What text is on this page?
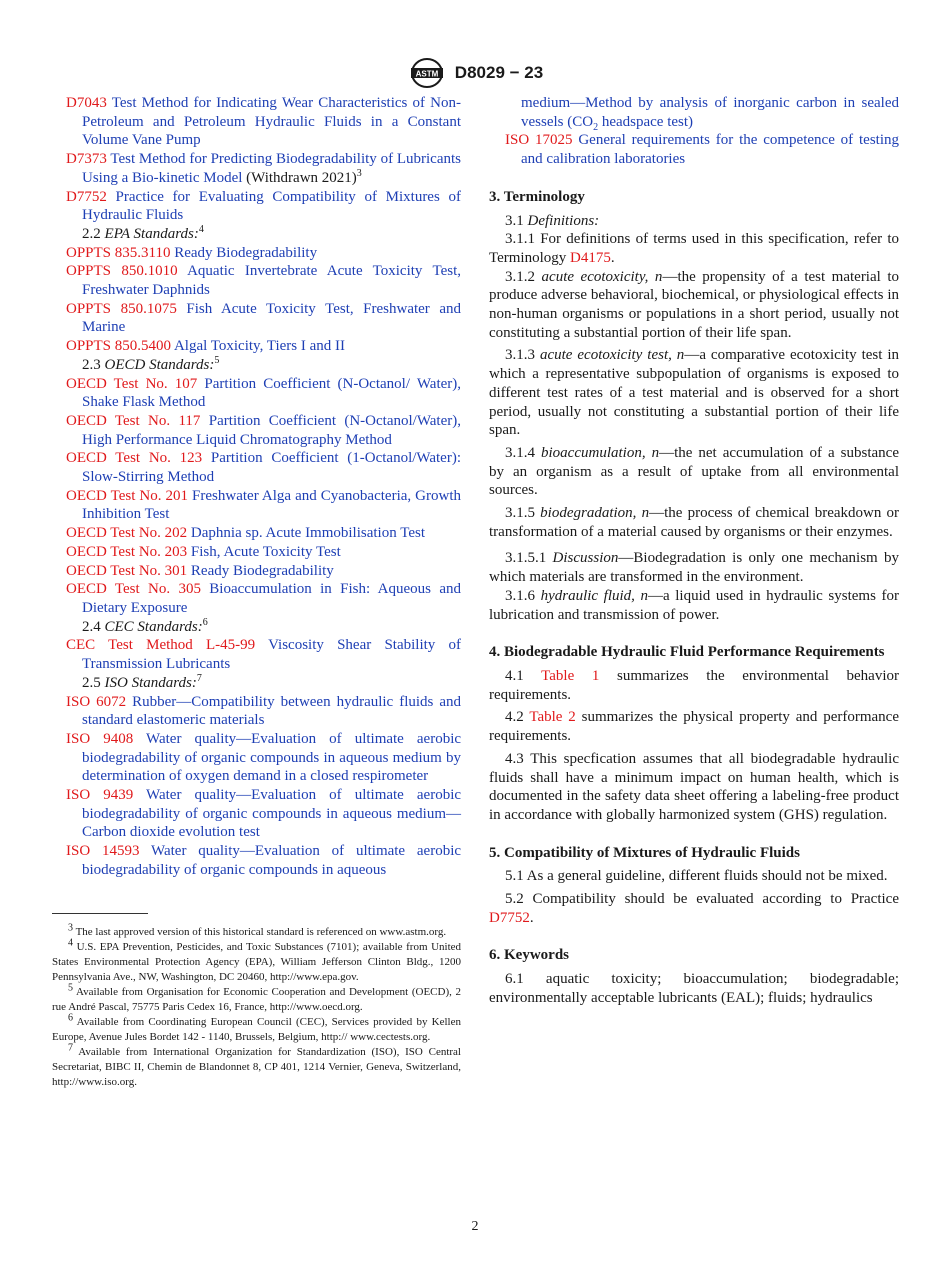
ASTM D8029 − 23

D7043 Test Method for Indicating Wear Characteristics of Non-Petroleum and Petroleum Hydraulic Fluids in a Constant Volume Vane Pump

D7373 Test Method for Predicting Biodegradability of Lubricants Using a Bio-kinetic Model (Withdrawn 2021)$^3$

D7752 Practice for Evaluating Compatibility of Mixtures of Hydraulic Fluids

2.2 EPA Standards:$^4$

OPPTS 835.3110 Ready Biodegradability

OPPTS 850.1010 Aquatic Invertebrate Acute Toxicity Test, Freshwater Daphnids

OPPTS 850.1075 Fish Acute Toxicity Test, Freshwater and Marine

OPPTS 850.5400 Algal Toxicity, Tiers I and II

2.3 OECD Standards:$^5$

OECD Test No. 107 Partition Coefficient (N-Octanol/ Water), Shake Flask Method

OECD Test No. 117 Partition Coefficient (N-Octanol/Water), High Performance Liquid Chromatography Method

OECD Test No. 123 Partition Coefficient (1-Octanol/Water): Slow-Stirring Method

OECD Test No. 201 Freshwater Alga and Cyanobacteria, Growth Inhibition Test

OECD Test No. 202 Daphnia sp. Acute Immobilisation Test

OECD Test No. 203 Fish, Acute Toxicity Test

OECD Test No. 301 Ready Biodegradability

OECD Test No. 305 Bioaccumulation in Fish: Aqueous and Dietary Exposure

2.4 CEC Standards:$^6$

CEC Test Method L-45-99 Viscosity Shear Stability of Transmission Lubricants

2.5 ISO Standards:$^7$

ISO 6072 Rubber—Compatibility between hydraulic fluids and standard elastomeric materials

ISO 9408 Water quality—Evaluation of ultimate aerobic biodegradability of organic compounds in aqueous medium by determination of oxygen demand in a closed respirometer

ISO 9439 Water quality—Evaluation of ultimate aerobic biodegradability of organic compounds in aqueous medium—Carbon dioxide evolution test

ISO 14593 Water quality—Evaluation of ultimate aerobic biodegradability of organic compounds in aqueous

$^3$ The last approved version of this historical standard is referenced on www.astm.org.

$^4$ U.S. EPA Prevention, Pesticides, and Toxic Substances (7101); available from United States Environmental Protection Agency (EPA), William Jefferson Clinton Bldg., 1200 Pennsylvania Ave., NW, Washington, DC 20460, http://www.epa.gov.

$^5$ Available from Organisation for Economic Cooperation and Development (OECD), 2 rue André Pascal, 75775 Paris Cedex 16, France, http://www.oecd.org.

$^6$ Available from Coordinating European Council (CEC), Services provided by Kellen Europe, Avenue Jules Bordet 142 - 1140, Brussels, Belgium, http:// www.cectests.org.

$^7$ Available from International Organization for Standardization (ISO), ISO Central Secretariat, BIBC II, Chemin de Blandonnet 8, CP 401, 1214 Vernier, Geneva, Switzerland, http://www.iso.org.

medium—Method by analysis of inorganic carbon in sealed vessels ($CO_2$ headspace test)

ISO 17025 General requirements for the competence of testing and calibration laboratories

3. Terminology

3.1 Definitions:

3.1.1 For definitions of terms used in this specification, refer to Terminology D4175.

3.1.2 acute ecotoxicity, n—the propensity of a test material to produce adverse behavioral, biochemical, or physiological effects in non-human organisms or populations in a short period, usually not constituting a substantial portion of their life span.

3.1.3 acute ecotoxicity test, n—a comparative ecotoxicity test in which a representative subpopulation of organisms is exposed to different test rates of a test material and is observed for a short period, usually not constituting a substantial portion of their life span.

3.1.4 bioaccumulation, n—the net accumulation of a substance by an organism as a result of uptake from all environmental sources.

3.1.5 biodegradation, n—the process of chemical breakdown or transformation of a material caused by organisms or their enzymes.

3.1.5.1 Discussion—Biodegradation is only one mechanism by which materials are transformed in the environment.

3.1.6 hydraulic fluid, n—a liquid used in hydraulic systems for lubrication and transmission of power.

4. Biodegradable Hydraulic Fluid Performance Requirements

4.1 Table 1 summarizes the environmental behavior requirements.

4.2 Table 2 summarizes the physical property and performance requirements.

4.3 This specfication assumes that all biodegradable hydraulic fluids shall have a minimum impact on human health, which is documented in the safety data sheet offering a labeling-free product in accordance with globally harmonized system (GHS) regulation.

5. Compatibility of Mixtures of Hydraulic Fluids

5.1 As a general guideline, different fluids should not be mixed.

5.2 Compatibility should be evaluated according to Practice D7752.

6. Keywords

6.1 aquatic toxicity; bioaccumulation; biodegradable; environmentally acceptable lubricants (EAL); fluids; hydraulics

2
